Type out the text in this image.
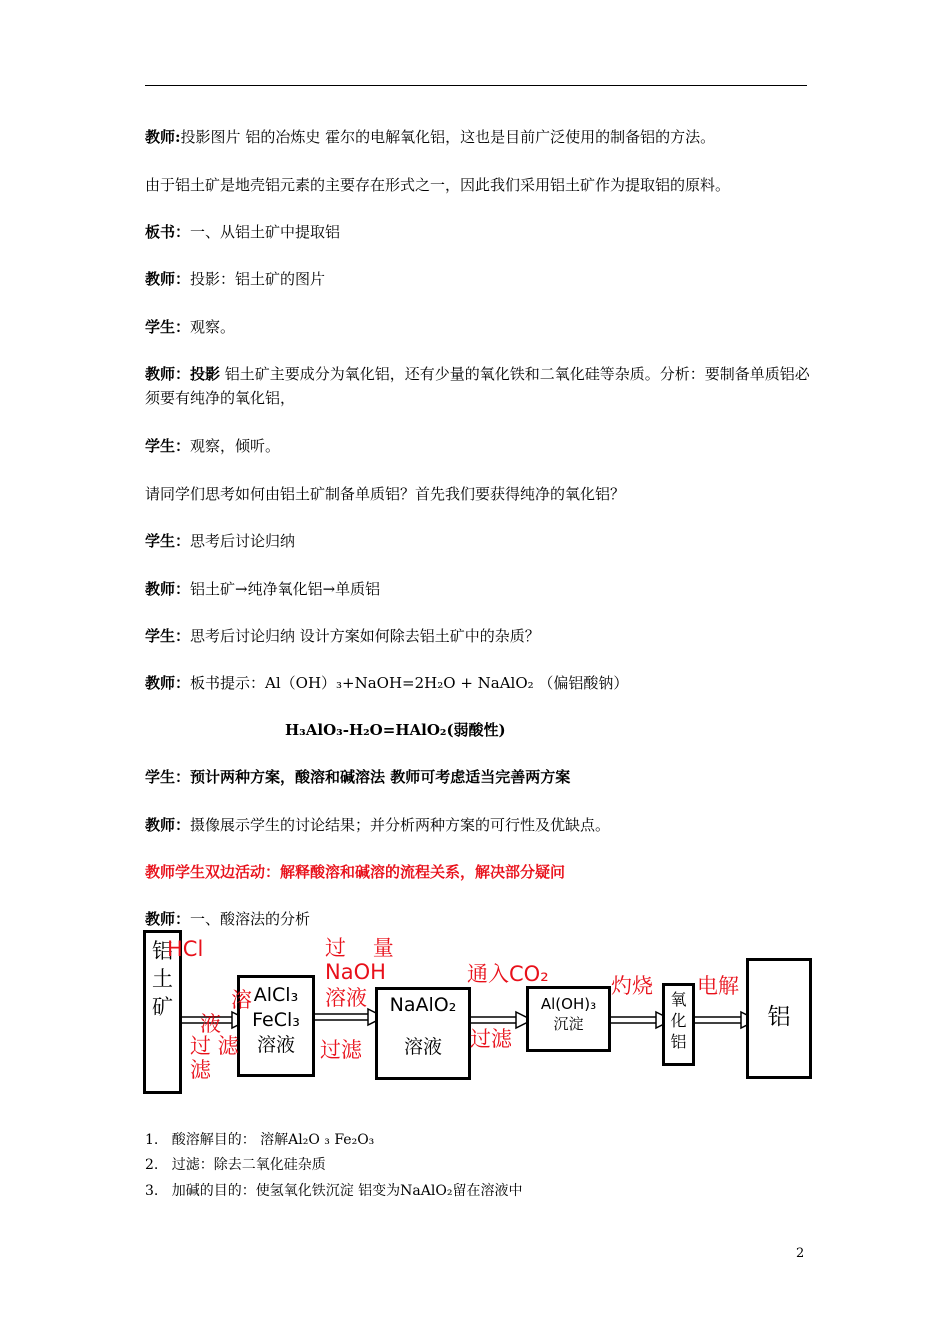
教师:投影图片 铝的冶炼史 霍尔的电解氧化铝，这也是目前广泛使用的制备铝的方法。
由于铝土矿是地壳铝元素的主要存在形式之一，因此我们采用铝土矿作为提取铝的原料。
板书：一、从铝土矿中提取铝
教师：投影：铝土矿的图片
学生：观察。
教师：投影 铝土矿主要成分为氧化铝，还有少量的氧化铁和二氧化硅等杂质。分析：要制备单质铝必须要有纯净的氧化铝，
学生：观察，倾听。
请同学们思考如何由铝土矿制备单质铝？首先我们要获得纯净的氧化铝？
学生：思考后讨论归纳
教师：铝土矿→纯净氧化铝→单质铝
学生：思考后讨论归纳 设计方案如何除去铝土矿中的杂质？
教师：板书提示：Al（OH）₃+NaOH=2H₂O + NaAlO₂ （偏铝酸钠）
H₃AlO₃-H₂O=HAlO₂(弱酸性)
学生：预计两种方案，酸溶和碱溶法 教师可考虑适当完善两方案
教师：摄像展示学生的讨论结果；并分析两种方案的可行性及优缺点。
教师学生双边活动：解释酸溶和碱溶的流程关系，解决部分疑问
教师：一、酸溶法的分析
铝
土
矿	AlCl₃
FeCl₃
溶液
NaAlO₂

溶液
Al(OH)₃
沉淀
氧
化
铝
铝
HCl
溶
液
过 滤
滤
过    量
NaOH
溶液
过滤
通入CO₂
过滤
灼烧 电解
1. 酸溶解目的： 溶解Al₂O ₃ Fe₂O₃
2. 过滤：除去二氧化硅杂质
3. 加碱的目的：使氢氧化铁沉淀 铝变为NaAlO₂留在溶液中
2
